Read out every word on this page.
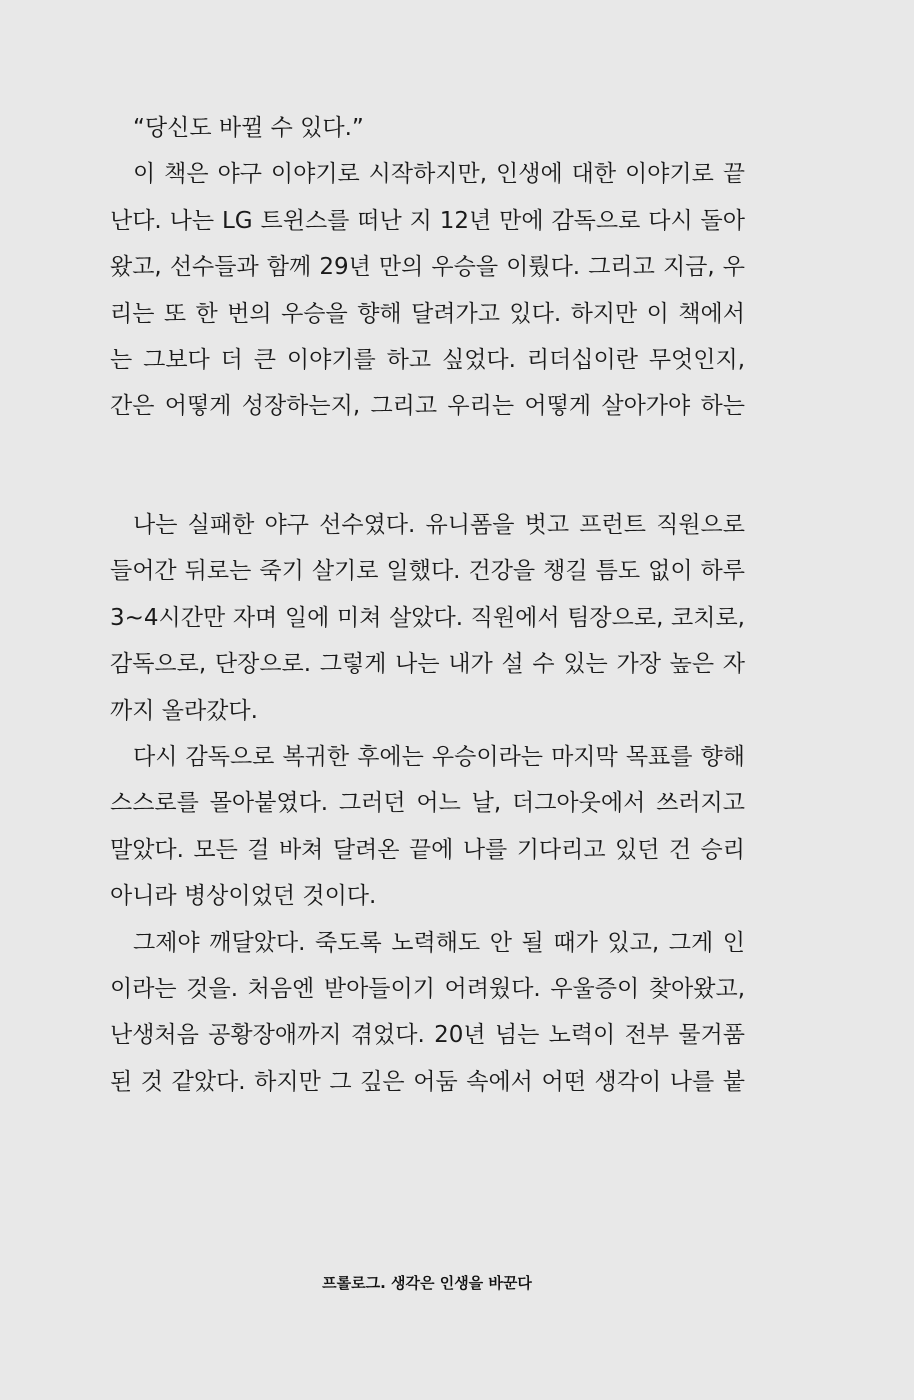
“당신도 바뀔 수 있다.”
이 책은 야구 이야기로 시작하지만, 인생에 대한 이야기로 끝
난다. 나는 LG 트윈스를 떠난 지 12년 만에 감독으로 다시 돌아
왔고, 선수들과 함께 29년 만의 우승을 이뤘다. 그리고 지금, 우
리는 또 한 번의 우승을 향해 달려가고 있다. 하지만 이 책에서
는 그보다 더 큰 이야기를 하고 싶었다. 리더십이란 무엇인지,
간은 어떻게 성장하는지, 그리고 우리는 어떻게 살아가야 하는
나는 실패한 야구 선수였다. 유니폼을 벗고 프런트 직원으로
들어간 뒤로는 죽기 살기로 일했다. 건강을 챙길 틈도 없이 하루
3~4시간만 자며 일에 미쳐 살았다. 직원에서 팀장으로, 코치로,
감독으로, 단장으로. 그렇게 나는 내가 설 수 있는 가장 높은 자
까지 올라갔다.
다시 감독으로 복귀한 후에는 우승이라는 마지막 목표를 향해
스스로를 몰아붙였다. 그러던 어느 날, 더그아웃에서 쓰러지고
말았다. 모든 걸 바쳐 달려온 끝에 나를 기다리고 있던 건 승리
아니라 병상이었던 것이다.
그제야 깨달았다. 죽도록 노력해도 안 될 때가 있고, 그게 인
이라는 것을. 처음엔 받아들이기 어려웠다. 우울증이 찾아왔고,
난생처음 공황장애까지 겪었다. 20년 넘는 노력이 전부 물거품
된 것 같았다. 하지만 그 깊은 어둠 속에서 어떤 생각이 나를 붙
프롤로그. 생각은 인생을 바꾼다
